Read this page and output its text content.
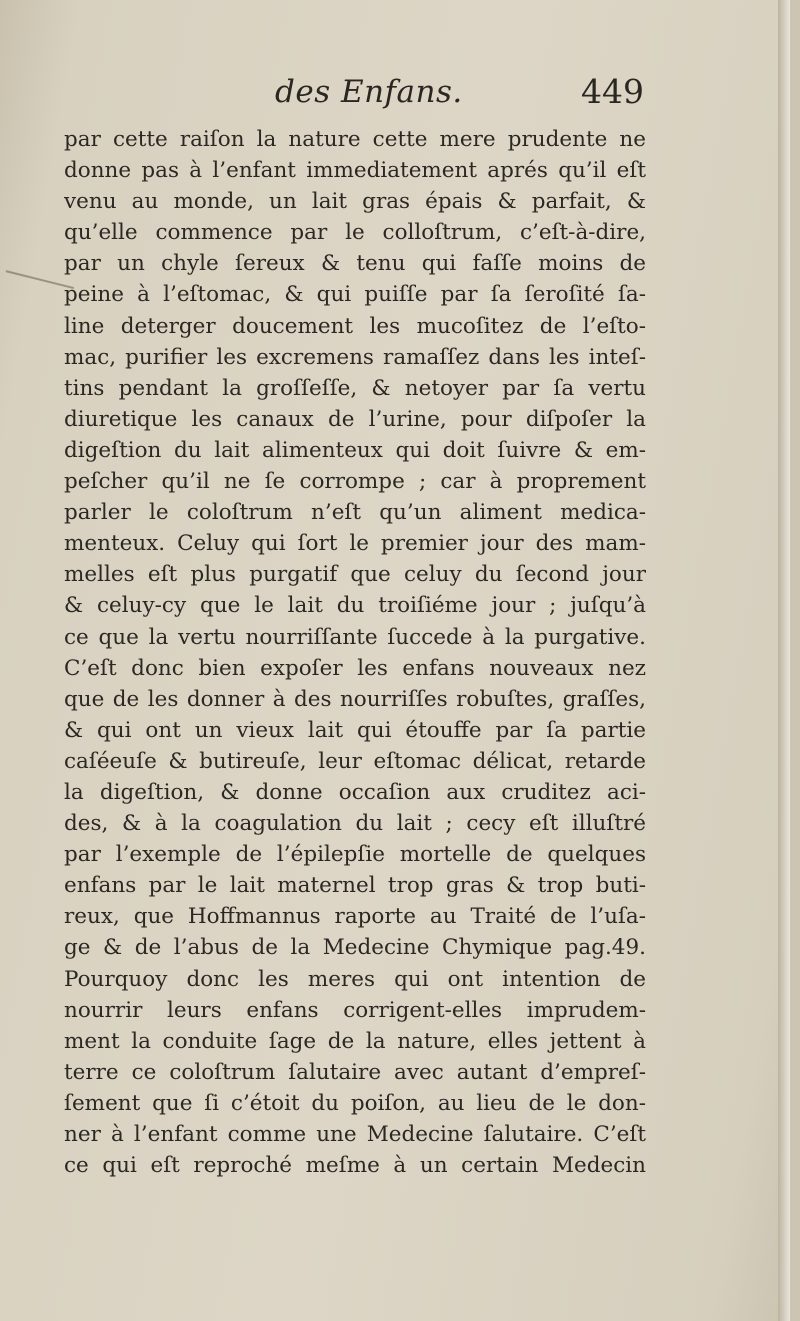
des Enfans.	449
par cette raiſon la nature cette mere prudente ne
donne pas à l’enfant immediatement aprés qu’il eſt
venu au monde, un lait gras épais & parfait, &
qu’elle commence par le colloſtrum, c’eſt-à-dire,
par un chyle ſereux & tenu qui faſſe moins de
peine à l’eſtomac, & qui puiſſe par ſa ſeroſité ſa-
line deterger doucement les mucoſitez de l’eſto-
mac, purifier les excremens ramaſſez dans les inteſ-
tins pendant la groſſeſſe, & netoyer par ſa vertu
diuretique les canaux de l’urine, pour diſpoſer la
digeſtion du lait alimenteux qui doit ſuivre & em-
peſcher qu’il ne ſe corrompe ; car à proprement
parler le coloſtrum n’eſt qu’un aliment medica-
menteux. Celuy qui ſort le premier jour des mam-
melles eſt plus purgatif que celuy du ſecond jour
& celuy-cy que le lait du troiſiéme jour ; juſqu’à
ce que la vertu nourriſſante ſuccede à la purgative.
C’eſt donc bien expoſer les enfans nouveaux nez
que de les donner à des nourriſſes robuſtes, graſſes,
& qui ont un vieux lait qui étouffe par ſa partie
caſéeuſe & butireuſe, leur eſtomac délicat, retarde
la digeſtion, & donne occaſion aux cruditez aci-
des, & à la coagulation du lait ; cecy eſt illuſtré
par l’exemple de l’épilepſie mortelle de quelques
enfans par le lait maternel trop gras & trop buti-
reux, que Hoffmannus raporte au Traité de l’uſa-
ge & de l’abus de la Medecine Chymique pag.49.
Pourquoy donc les meres qui ont intention de
nourrir leurs enfans corrigent-elles imprudem-
ment la conduite ſage de la nature, elles jettent à
terre ce coloſtrum ſalutaire avec autant d’empreſ-
ſement que ſi c’étoit du poiſon, au lieu de le don-
ner à l’enfant comme une Medecine ſalutaire. C’eſt
ce qui eſt reproché meſme à un certain Medecin
